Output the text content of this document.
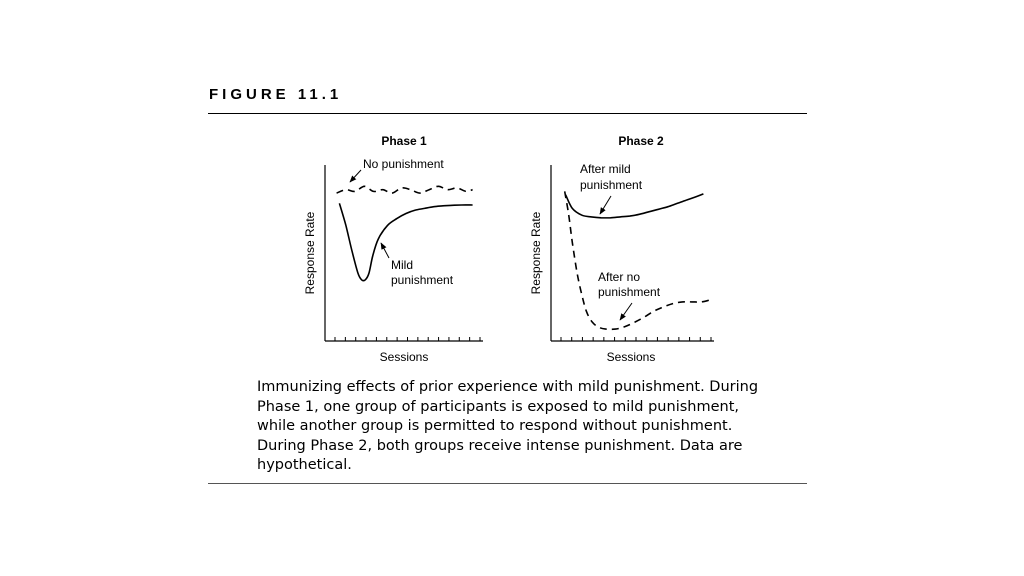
FIGURE 11.1
Phase 1
Sessions
Response Rate
No punishment
Mild punishment
Phase 2
Sessions
Response Rate
After mild punishment
After no punishment

Immunizing effects of prior experience with mild punishment. During Phase 1, one group of participants is exposed to mild punishment, while another group is permitted to respond without punishment. During Phase 2, both groups receive intense punishment. Data are hypothetical.
